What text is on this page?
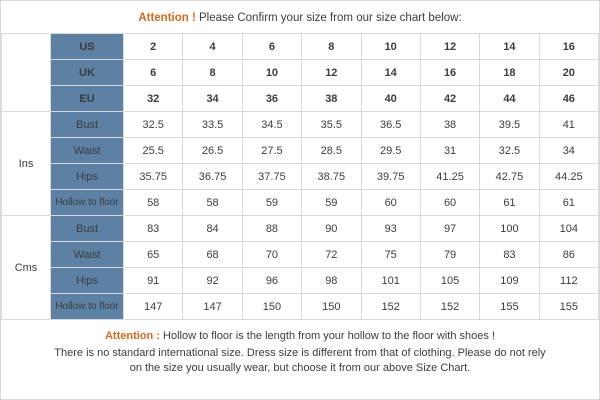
Attention ! Please Confirm your size from our size chart below:
	US	2	4	6	8	10	12	14	16
	UK	6	8	10	12	14	16	18	20
	EU	32	34	36	38	40	42	44	46
Ins	Bust	32.5	33.5	34.5	35.5	36.5	38	39.5	41
	Waist	25.5	26.5	27.5	28.5	29.5	31	32.5	34
	Hips	35.75	36.75	37.75	38.75	39.75	41.25	42.75	44.25
	Hollow to floor	58	58	59	59	60	60	61	61
Cms	Bust	83	84	88	90	93	97	100	104
	Waist	65	68	70	72	75	79	83	86
	Hips	91	92	96	98	101	105	109	112
	Hollow to floor	147	147	150	150	152	152	155	155
Attention : Hollow to floor is the length from your hollow to the floor with shoes !
There is no standard international size. Dress size is different from that of clothing. Please do not rely
on the size you usually wear, but choose it from our above Size Chart.
